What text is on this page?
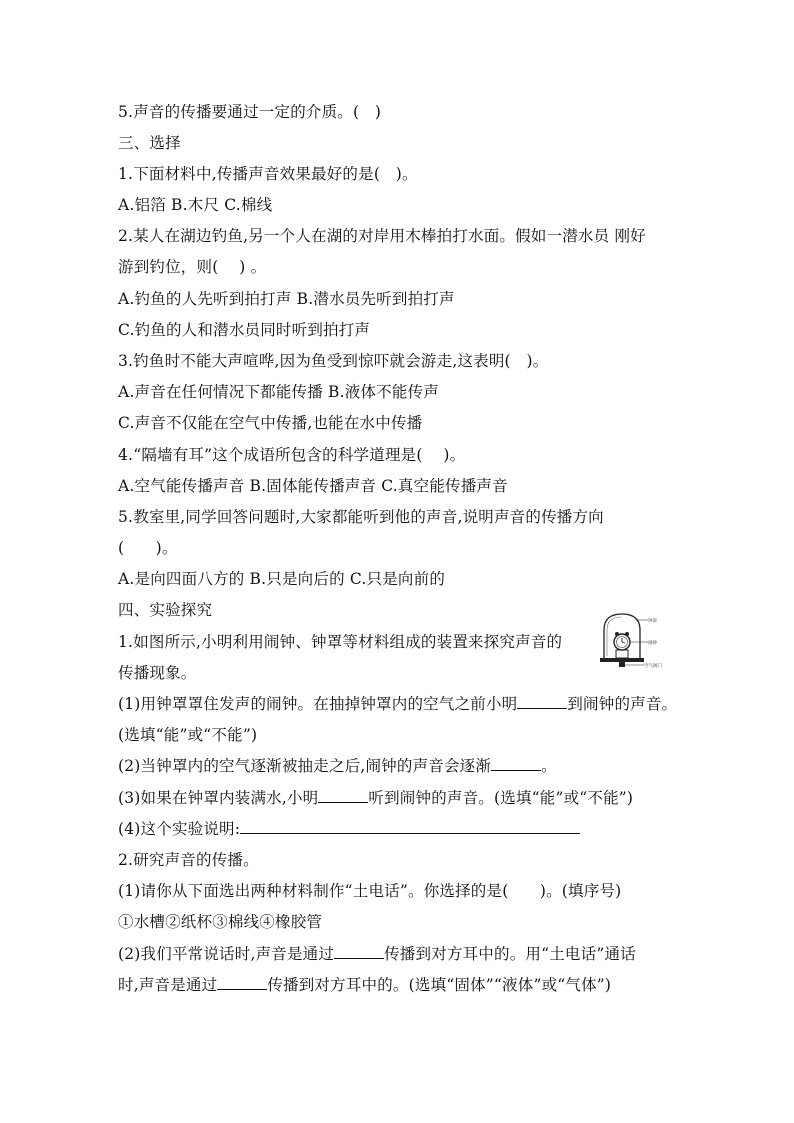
5.声音的传播要通过一定的介质。(　)
三、选择
1.下面材料中,传播声音效果最好的是(　)。
A.铝箔 B.木尺 C.棉线
2.某人在湖边钓鱼,另一个人在湖的对岸用木棒拍打水面。假如一潜水员 刚好
游到钓位，则(　 ) 。
A.钓鱼的人先听到拍打声 B.潜水员先听到拍打声
C.钓鱼的人和潜水员同时听到拍打声
3.钓鱼时不能大声喧哗,因为鱼受到惊吓就会游走,这表明(　)。
A.声音在任何情况下都能传播 B.液体不能传声
C.声音不仅能在空气中传播,也能在水中传播
4.“隔墙有耳”这个成语所包含的科学道理是(　 )。
A.空气能传播声音 B.固体能传播声音 C.真空能传播声音
5.教室里,同学回答问题时,大家都能听到他的声音,说明声音的传播方向
(　　)。
A.是向四面八方的 B.只是向后的 C.只是向前的
四、实验探究
1.如图所示,小明利用闹钟、钟罩等材料组成的装置来探究声音的
传播现象。
(1)用钟罩罩住发声的闹钟。在抽掉钟罩内的空气之前小明	到闹钟的声音。
(选填“能”或“不能”)
(2)当钟罩内的空气逐渐被抽走之后,闹钟的声音会逐渐	。
(3)如果在钟罩内装满水,小明	听到闹钟的声音。(选填“能”或“不能”)
(4)这个实验说明:
2.研究声音的传播。
(1)请你从下面选出两种材料制作“土电话”。你选择的是(　　)。(填序号)
①水槽②纸杯③棉线④橡胶管
(2)我们平常说话时,声音是通过	传播到对方耳中的。用“土电话”通话
时,声音是通过	传播到对方耳中的。(选填“固体”“液体”或“气体”)
钟罩
闹钟
空气阀门
